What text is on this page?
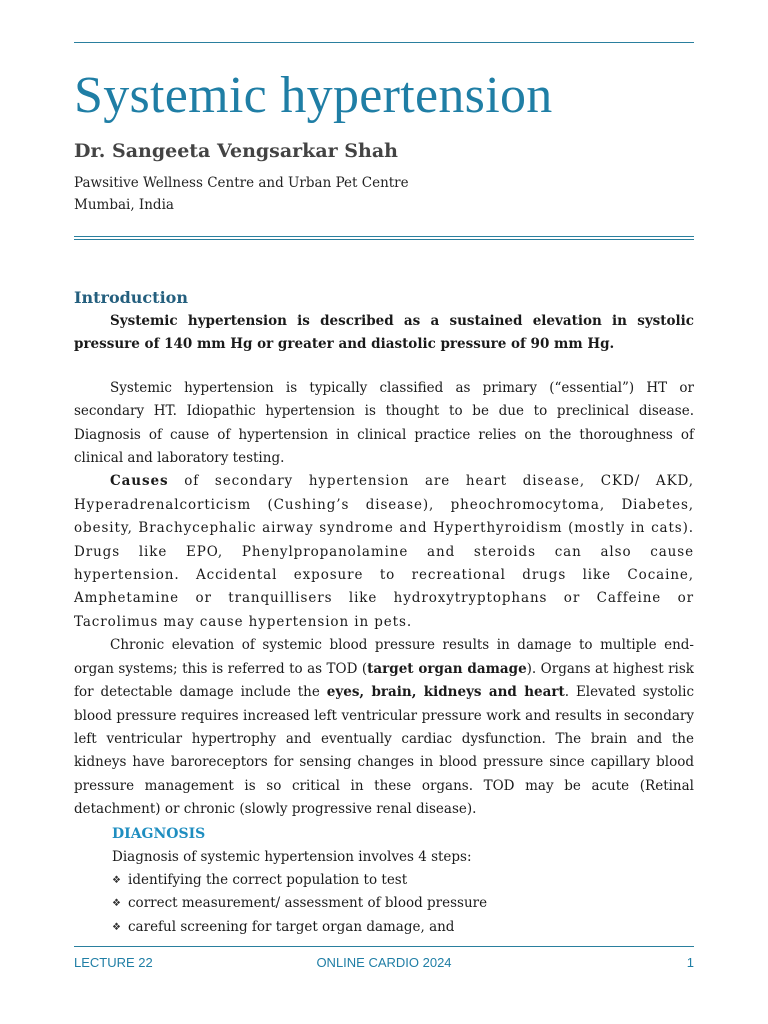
Systemic hypertension
Dr. Sangeeta Vengsarkar Shah
Pawsitive Wellness Centre and Urban Pet Centre
Mumbai, India
Introduction

Systemic hypertension is described as a sustained elevation in systolic pressure of 140 mm Hg or greater and diastolic pressure of 90 mm Hg.

Systemic hypertension is typically classified as primary (“essential”) HT or secondary HT. Idiopathic hypertension is thought to be due to preclinical disease. Diagnosis of cause of hypertension in clinical practice relies on the thoroughness of clinical and laboratory testing.

Causes of secondary hypertension are heart disease, CKD/ AKD, Hyperadrenalcorticism (Cushing’s disease), pheochromocytoma, Diabetes, obesity, Brachycephalic airway syndrome and Hyperthyroidism (mostly in cats). Drugs like EPO, Phenylpropanolamine and steroids can also cause hypertension. Accidental exposure to recreational drugs like Cocaine, Amphetamine or tranquillisers like hydroxytryptophans or Caffeine or Tacrolimus may cause hypertension in pets.

Chronic elevation of systemic blood pressure results in damage to multiple end-organ systems; this is referred to as TOD (target organ damage). Organs at highest risk for detectable damage include the eyes, brain, kidneys and heart. Elevated systolic blood pressure requires increased left ventricular pressure work and results in secondary left ventricular hypertrophy and eventually cardiac dysfunction. The brain and the kidneys have baroreceptors for sensing changes in blood pressure since capillary blood pressure management is so critical in these organs. TOD may be acute (Retinal detachment) or chronic (slowly progressive renal disease).

DIAGNOSIS

Diagnosis of systemic hypertension involves 4 steps:

❖ identifying the correct population to test
❖ correct measurement/ assessment of blood pressure
❖ careful screening for target organ damage, and
LECTURE 22	ONLINE CARDIO 2024	1
